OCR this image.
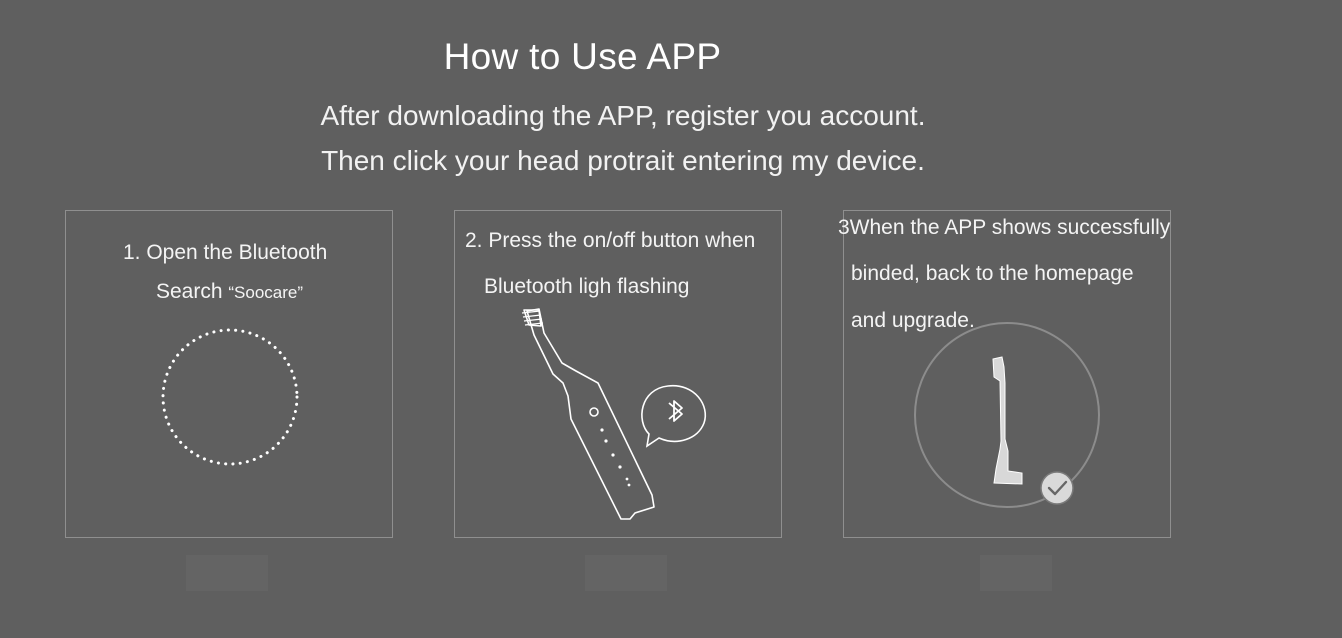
How to Use APP
After downloading the APP, register you account.
Then click your head protrait entering my device.
1. Open the Bluetooth
Search “Soocare”
2. Press the on/off button when
Bluetooth ligh flashing
3When the APP shows successfully
binded, back to the homepage
and upgrade.
